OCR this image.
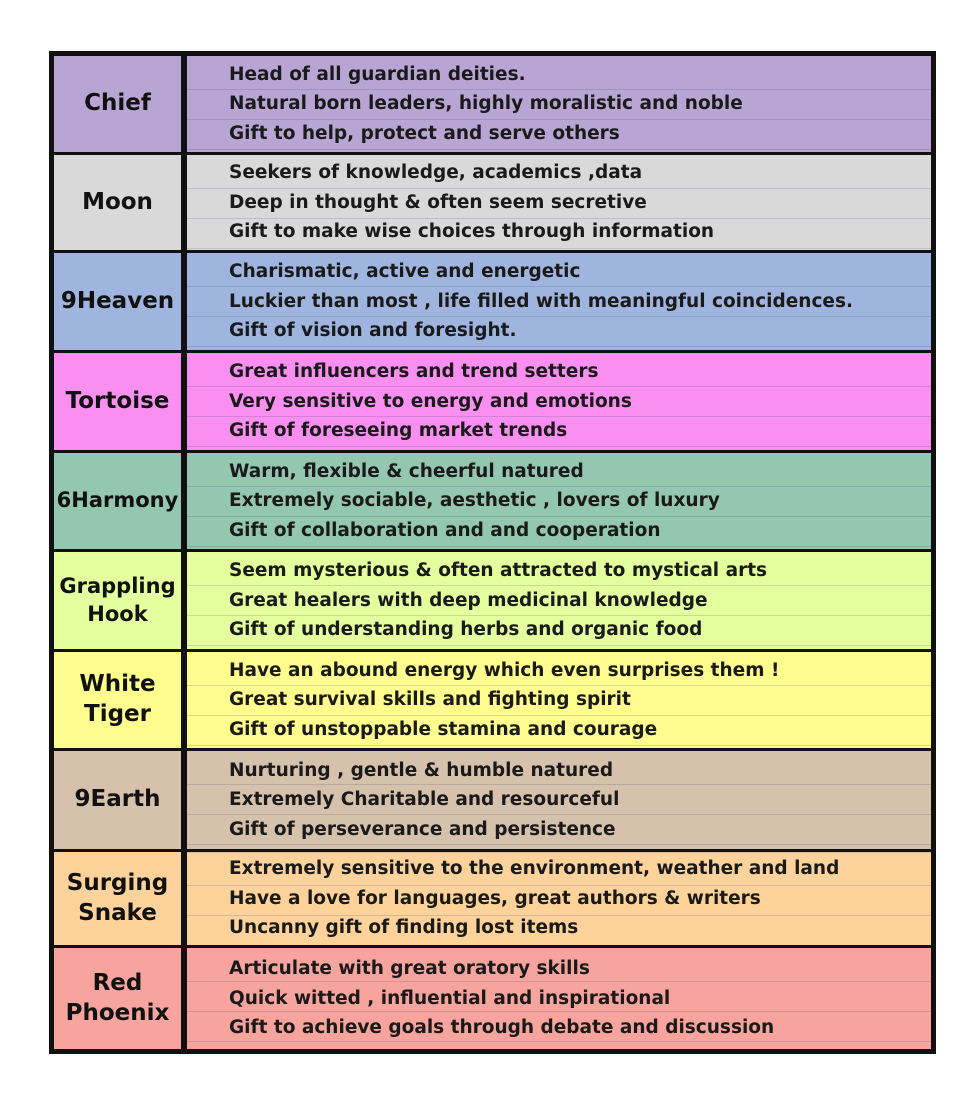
Chief
Head of all guardian deities.
Natural born leaders, highly moralistic and noble
Gift to help, protect and serve others
Moon
Seekers of knowledge, academics ,data
Deep in thought & often seem secretive
Gift to make wise choices through information
9Heaven
Charismatic, active and energetic
Luckier than most , life filled with meaningful coincidences.
Gift of vision and foresight.
Tortoise
Great influencers and trend setters
Very sensitive to energy and emotions
Gift of foreseeing market trends
6Harmony
Warm, flexible & cheerful natured
Extremely sociable, aesthetic , lovers of luxury
Gift of collaboration and and cooperation
Grappling
Hook
Seem mysterious & often attracted to mystical arts
Great healers with deep medicinal knowledge
Gift of understanding herbs and organic food
White
Tiger
Have an abound energy which even surprises them !
Great survival skills and fighting spirit
Gift of unstoppable stamina and courage
9Earth
Nurturing , gentle & humble natured
Extremely Charitable and resourceful
Gift of perseverance and persistence
Surging
Snake
Extremely sensitive to the environment, weather and land
Have a love for languages, great authors & writers
Uncanny gift of finding lost items
Red
Phoenix
Articulate with great oratory skills
Quick witted , influential and inspirational
Gift to achieve goals through debate and discussion
